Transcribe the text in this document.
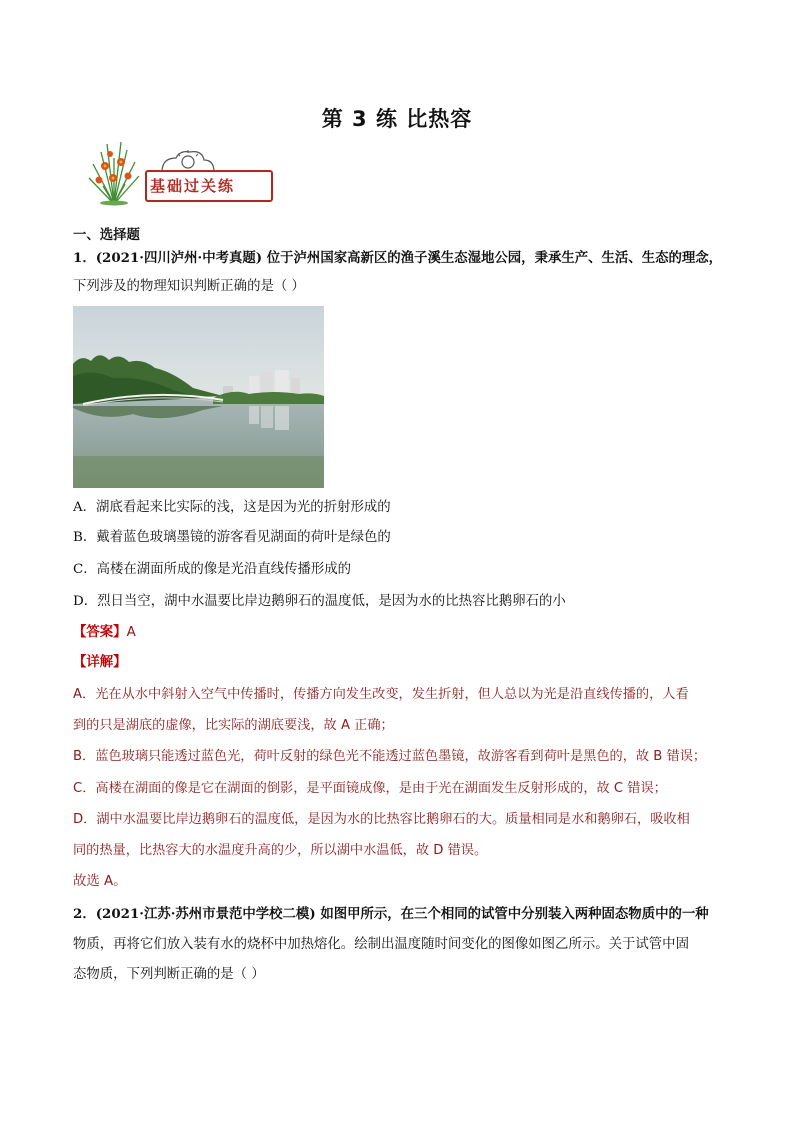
第 3 练 比热容
基础过关练
一、选择题
1．(2021·四川泸州·中考真题) 位于泸州国家高新区的渔子溪生态湿地公园，秉承生产、生活、生态的理念，
下列涉及的物理知识判断正确的是（ ）
A．湖底看起来比实际的浅，这是因为光的折射形成的
B．戴着蓝色玻璃墨镜的游客看见湖面的荷叶是绿色的
C．高楼在湖面所成的像是光沿直线传播形成的
D．烈日当空，湖中水温要比岸边鹅卵石的温度低，是因为水的比热容比鹅卵石的小
【答案】A
【详解】
A．光在从水中斜射入空气中传播时，传播方向发生改变，发生折射，但人总以为光是沿直线传播的，人看
到的只是湖底的虚像，比实际的湖底要浅，故 A 正确；
B．蓝色玻璃只能透过蓝色光，荷叶反射的绿色光不能透过蓝色墨镜，故游客看到荷叶是黑色的，故 B 错误；
C．高楼在湖面的像是它在湖面的倒影，是平面镜成像，是由于光在湖面发生反射形成的，故 C 错误；
D．湖中水温要比岸边鹅卵石的温度低，是因为水的比热容比鹅卵石的大。质量相同是水和鹅卵石，吸收相
同的热量，比热容大的水温度升高的少，所以湖中水温低，故 D 错误。
故选 A。
2．(2021·江苏·苏州市景范中学校二模) 如图甲所示，在三个相同的试管中分别装入两种固态物质中的一种
物质，再将它们放入装有水的烧杯中加热熔化。绘制出温度随时间变化的图像如图乙所示。关于试管中固
态物质，下列判断正确的是（ ）
